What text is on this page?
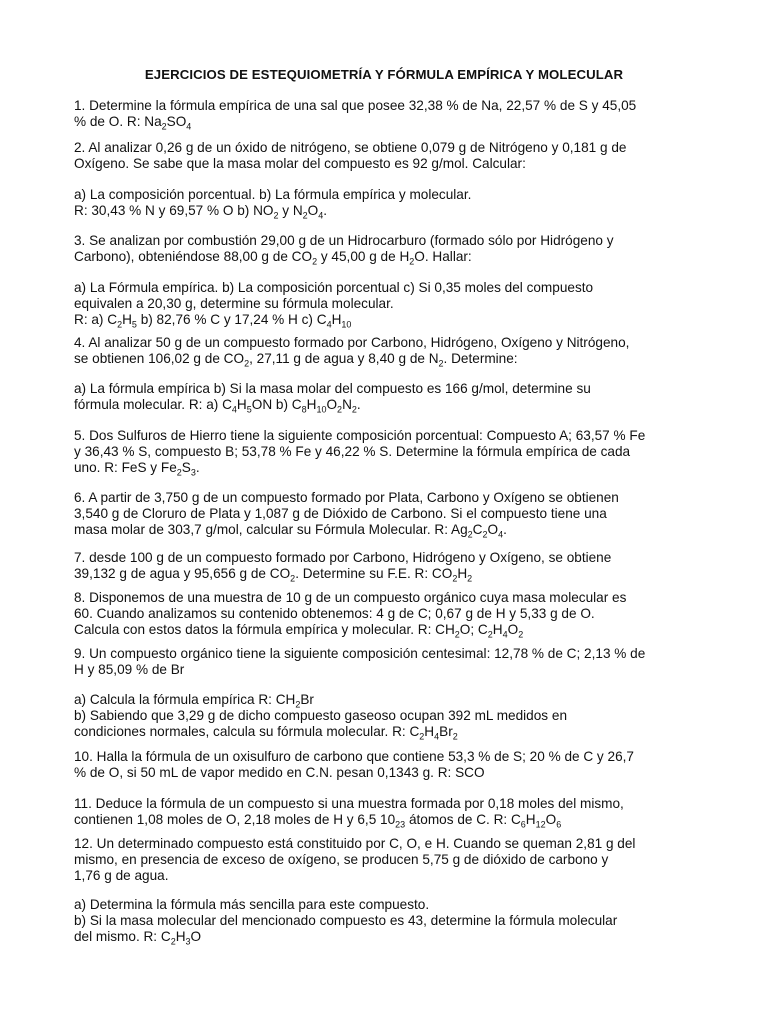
EJERCICIOS DE ESTEQUIOMETRÍA Y FÓRMULA EMPÍRICA Y MOLECULAR
1. Determine la fórmula empírica de una sal que posee 32,38 % de Na, 22,57 % de S y 45,05
% de O. R: $Na_2SO_4$
2. Al analizar 0,26 g de un óxido de nitrógeno, se obtiene 0,079 g de Nitrógeno y 0,181 g de
Oxígeno. Se sabe que la masa molar del compuesto es 92 g/mol. Calcular:
a) La composición porcentual. b) La fórmula empírica y molecular.
R: 30,43 % N y 69,57 % O b) $NO_2$ y $N_2O_4$.
3. Se analizan por combustión 29,00 g de un Hidrocarburo (formado sólo por Hidrógeno y
Carbono), obteniéndose 88,00 g de $CO_2$ y 45,00 g de $H_2O$. Hallar:
a) La Fórmula empírica. b) La composición porcentual c) Si 0,35 moles del compuesto
equivalen a 20,30 g, determine su fórmula molecular.
R: a) $C_2H_5$ b) 82,76 % C y 17,24 % H c) $C_4H_{10}$
4. Al analizar 50 g de un compuesto formado por Carbono, Hidrógeno, Oxígeno y Nitrógeno,
se obtienen 106,02 g de $CO_2$, 27,11 g de agua y 8,40 g de $N_2$. Determine:
a) La fórmula empírica b) Si la masa molar del compuesto es 166 g/mol, determine su
fórmula molecular. R: a) $C_4H_5ON$ b) $C_8H_{10}O_2N_2$.
5. Dos Sulfuros de Hierro tiene la siguiente composición porcentual: Compuesto A; 63,57 % Fe
y 36,43 % S, compuesto B; 53,78 % Fe y 46,22 % S. Determine la fórmula empírica de cada
uno. R: FeS y $Fe_2S_3$.
6. A partir de 3,750 g de un compuesto formado por Plata, Carbono y Oxígeno se obtienen
3,540 g de Cloruro de Plata y 1,087 g de Dióxido de Carbono. Si el compuesto tiene una
masa molar de 303,7 g/mol, calcular su Fórmula Molecular. R: $Ag_2C_2O_4$.
7. desde 100 g de un compuesto formado por Carbono, Hidrógeno y Oxígeno, se obtiene
39,132 g de agua y 95,656 g de $CO_2$. Determine su F.E. R: $CO_2H_2$
8. Disponemos de una muestra de 10 g de un compuesto orgánico cuya masa molecular es
60. Cuando analizamos su contenido obtenemos: 4 g de C; 0,67 g de H y 5,33 g de O.
Calcula con estos datos la fórmula empírica y molecular. R: $CH_2O$; $C_2H_4O_2$
9. Un compuesto orgánico tiene la siguiente composición centesimal: 12,78 % de C; 2,13 % de
H y 85,09 % de Br
a) Calcula la fórmula empírica R: $CH_2Br$
b) Sabiendo que 3,29 g de dicho compuesto gaseoso ocupan 392 mL medidos en
condiciones normales, calcula su fórmula molecular. R: $C_2H_4Br_2$
10. Halla la fórmula de un oxisulfuro de carbono que contiene 53,3 % de S; 20 % de C y 26,7
% de O, si 50 mL de vapor medido en C.N. pesan 0,1343 g. R: SCO
11. Deduce la fórmula de un compuesto si una muestra formada por 0,18 moles del mismo,
contienen 1,08 moles de O, 2,18 moles de H y 6,5 $10_{23}$ átomos de C. R: $C_6H_{12}O_6$
12. Un determinado compuesto está constituido por C, O, e H. Cuando se queman 2,81 g del
mismo, en presencia de exceso de oxígeno, se producen 5,75 g de dióxido de carbono y
1,76 g de agua.
a) Determina la fórmula más sencilla para este compuesto.
b) Si la masa molecular del mencionado compuesto es 43, determine la fórmula molecular
del mismo. R: $C_2H_3O$
